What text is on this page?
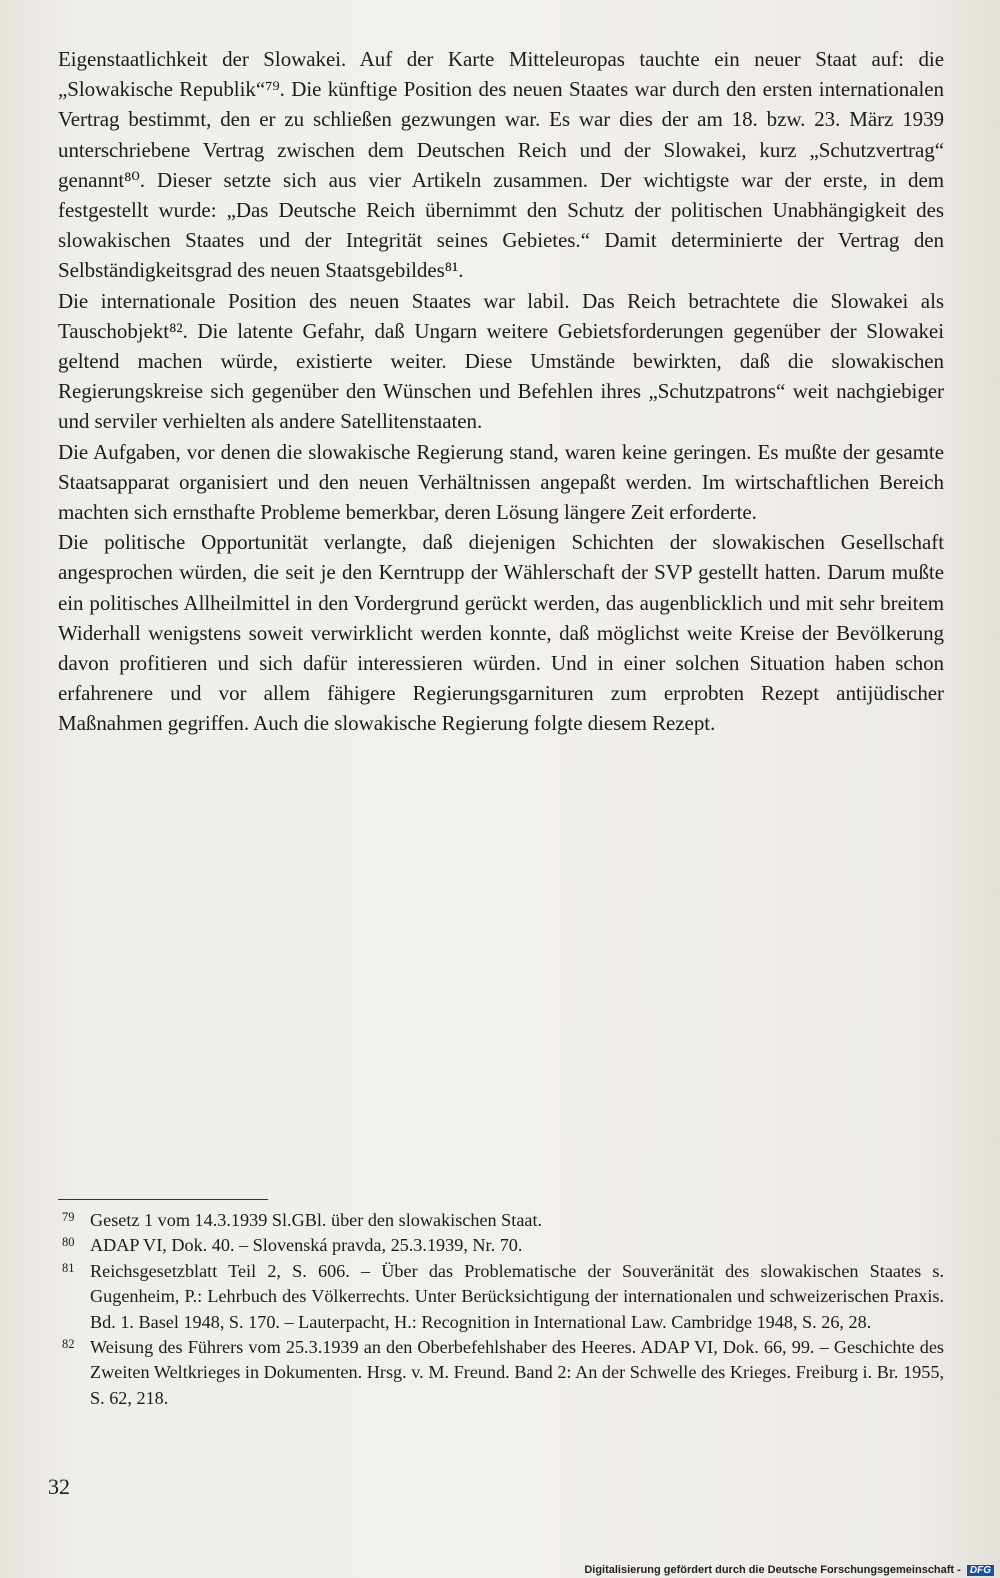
Eigenstaatlichkeit der Slowakei. Auf der Karte Mitteleuropas tauchte ein neuer Staat auf: die „Slowakische Republik“⁷⁹. Die künftige Position des neuen Staates war durch den ersten internationalen Vertrag bestimmt, den er zu schließen gezwungen war. Es war dies der am 18. bzw. 23. März 1939 unterschriebene Vertrag zwischen dem Deutschen Reich und der Slowakei, kurz „Schutzvertrag“ genannt⁸⁰. Dieser setzte sich aus vier Artikeln zusammen. Der wichtigste war der erste, in dem festgestellt wurde: „Das Deutsche Reich übernimmt den Schutz der politischen Unabhängigkeit des slowakischen Staates und der Integrität seines Gebietes.“ Damit determinierte der Vertrag den Selbständigkeitsgrad des neuen Staatsgebildes⁸¹.

Die internationale Position des neuen Staates war labil. Das Reich betrachtete die Slowakei als Tauschobjekt⁸². Die latente Gefahr, daß Ungarn weitere Gebietsforderungen gegenüber der Slowakei geltend machen würde, existierte weiter. Diese Umstände bewirkten, daß die slowakischen Regierungskreise sich gegenüber den Wünschen und Befehlen ihres „Schutzpatrons“ weit nachgiebiger und serviler verhielten als andere Satellitenstaaten.

Die Aufgaben, vor denen die slowakische Regierung stand, waren keine geringen. Es mußte der gesamte Staatsapparat organisiert und den neuen Verhältnissen angepaßt werden. Im wirtschaftlichen Bereich machten sich ernsthafte Probleme bemerkbar, deren Lösung längere Zeit erforderte.

Die politische Opportunität verlangte, daß diejenigen Schichten der slowakischen Gesellschaft angesprochen würden, die seit je den Kerntrupp der Wählerschaft der SVP gestellt hatten. Darum mußte ein politisches Allheilmittel in den Vordergrund gerückt werden, das augenblicklich und mit sehr breitem Widerhall wenigstens soweit verwirklicht werden konnte, daß möglichst weite Kreise der Bevölkerung davon profitieren und sich dafür interessieren würden. Und in einer solchen Situation haben schon erfahrenere und vor allem fähigere Regierungsgarnituren zum erprobten Rezept antijüdischer Maßnahmen gegriffen. Auch die slowakische Regierung folgte diesem Rezept.

79 Gesetz 1 vom 14.3.1939 Sl.GBl. über den slowakischen Staat.

80 ADAP VI, Dok. 40. – Slovenská pravda, 25.3.1939, Nr. 70.

81 Reichsgesetzblatt Teil 2, S. 606. – Über das Problematische der Souveränität des slowakischen Staates s. Gugenheim, P.: Lehrbuch des Völkerrechts. Unter Berücksichtigung der internationalen und schweizerischen Praxis. Bd. 1. Basel 1948, S. 170. – Lauterpacht, H.: Recognition in International Law. Cambridge 1948, S. 26, 28.

82 Weisung des Führers vom 25.3.1939 an den Oberbefehlshaber des Heeres. ADAP VI, Dok. 66, 99. – Geschichte des Zweiten Weltkrieges in Dokumenten. Hrsg. v. M. Freund. Band 2: An der Schwelle des Krieges. Freiburg i. Br. 1955, S. 62, 218.

32
Digitalisierung gefördert durch die Deutsche Forschungsgemeinschaft - DFG
